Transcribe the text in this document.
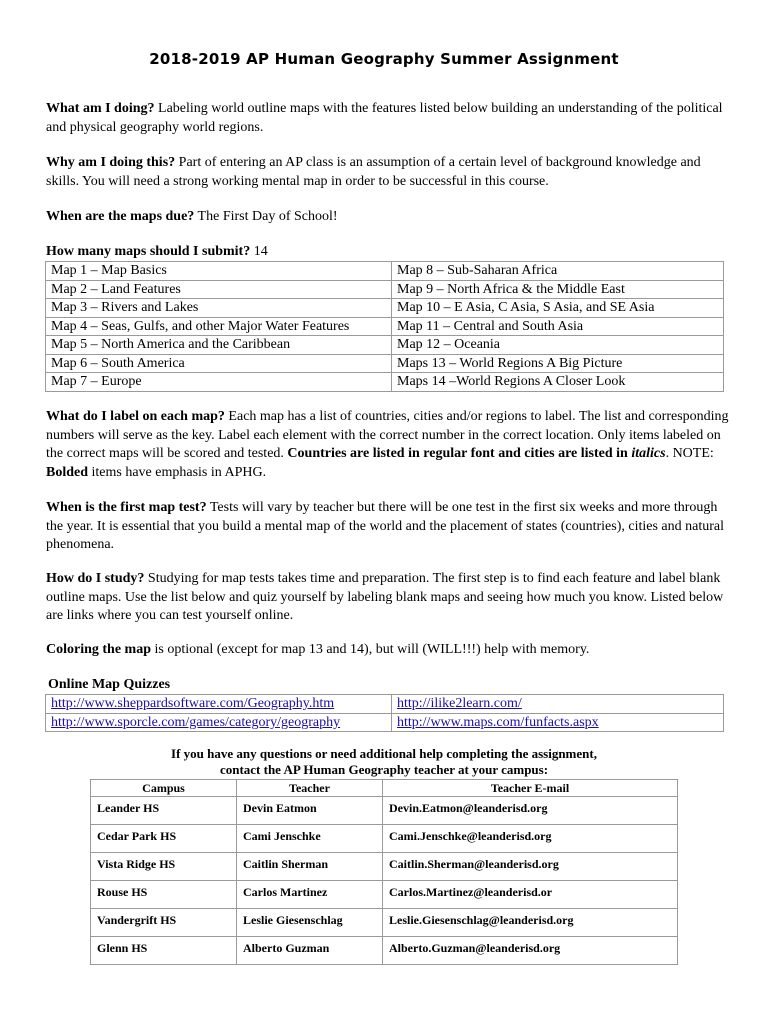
2018-2019 AP Human Geography Summer Assignment
What am I doing? Labeling world outline maps with the features listed below building an understanding of the political and physical geography world regions.
Why am I doing this? Part of entering an AP class is an assumption of a certain level of background knowledge and skills. You will need a strong working mental map in order to be successful in this course.
When are the maps due? The First Day of School!
How many maps should I submit? 14
Map 1 – Map Basics	Map 8 – Sub-Saharan Africa
Map 2 – Land Features	Map 9 – North Africa & the Middle East
Map 3 – Rivers and Lakes	Map 10 – E Asia, C Asia, S Asia, and SE Asia
Map 4 – Seas, Gulfs, and other Major Water Features	Map 11 – Central and South Asia
Map 5 – North America and the Caribbean	Map 12 – Oceania
Map 6 – South America	Maps 13 – World Regions A Big Picture
Map 7 – Europe	Maps 14 –World Regions A Closer Look
What do I label on each map? Each map has a list of countries, cities and/or regions to label. The list and corresponding numbers will serve as the key. Label each element with the correct number in the correct location. Only items labeled on the correct maps will be scored and tested. Countries are listed in regular font and cities are listed in italics. NOTE: Bolded items have emphasis in APHG.
When is the first map test? Tests will vary by teacher but there will be one test in the first six weeks and more through the year. It is essential that you build a mental map of the world and the placement of states (countries), cities and natural phenomena.
How do I study? Studying for map tests takes time and preparation. The first step is to find each feature and label blank outline maps. Use the list below and quiz yourself by labeling blank maps and seeing how much you know. Listed below are links where you can test yourself online.
Coloring the map is optional (except for map 13 and 14), but will (WILL!!!) help with memory.
Online Map Quizzes
http://www.sheppardsoftware.com/Geography.htm	http://ilike2learn.com/
http://www.sporcle.com/games/category/geography	http://www.maps.com/funfacts.aspx
If you have any questions or need additional help completing the assignment,
contact the AP Human Geography teacher at your campus:
Campus	Teacher	Teacher E-mail
Leander HS	Devin Eatmon	Devin.Eatmon@leanderisd.org
Cedar Park HS	Cami Jenschke	Cami.Jenschke@leanderisd.org
Vista Ridge HS	Caitlin Sherman	Caitlin.Sherman@leanderisd.org
Rouse HS	Carlos Martinez	Carlos.Martinez@leanderisd.or
Vandergrift HS	Leslie Giesenschlag	Leslie.Giesenschlag@leanderisd.org
Glenn HS	Alberto Guzman	Alberto.Guzman@leanderisd.org
